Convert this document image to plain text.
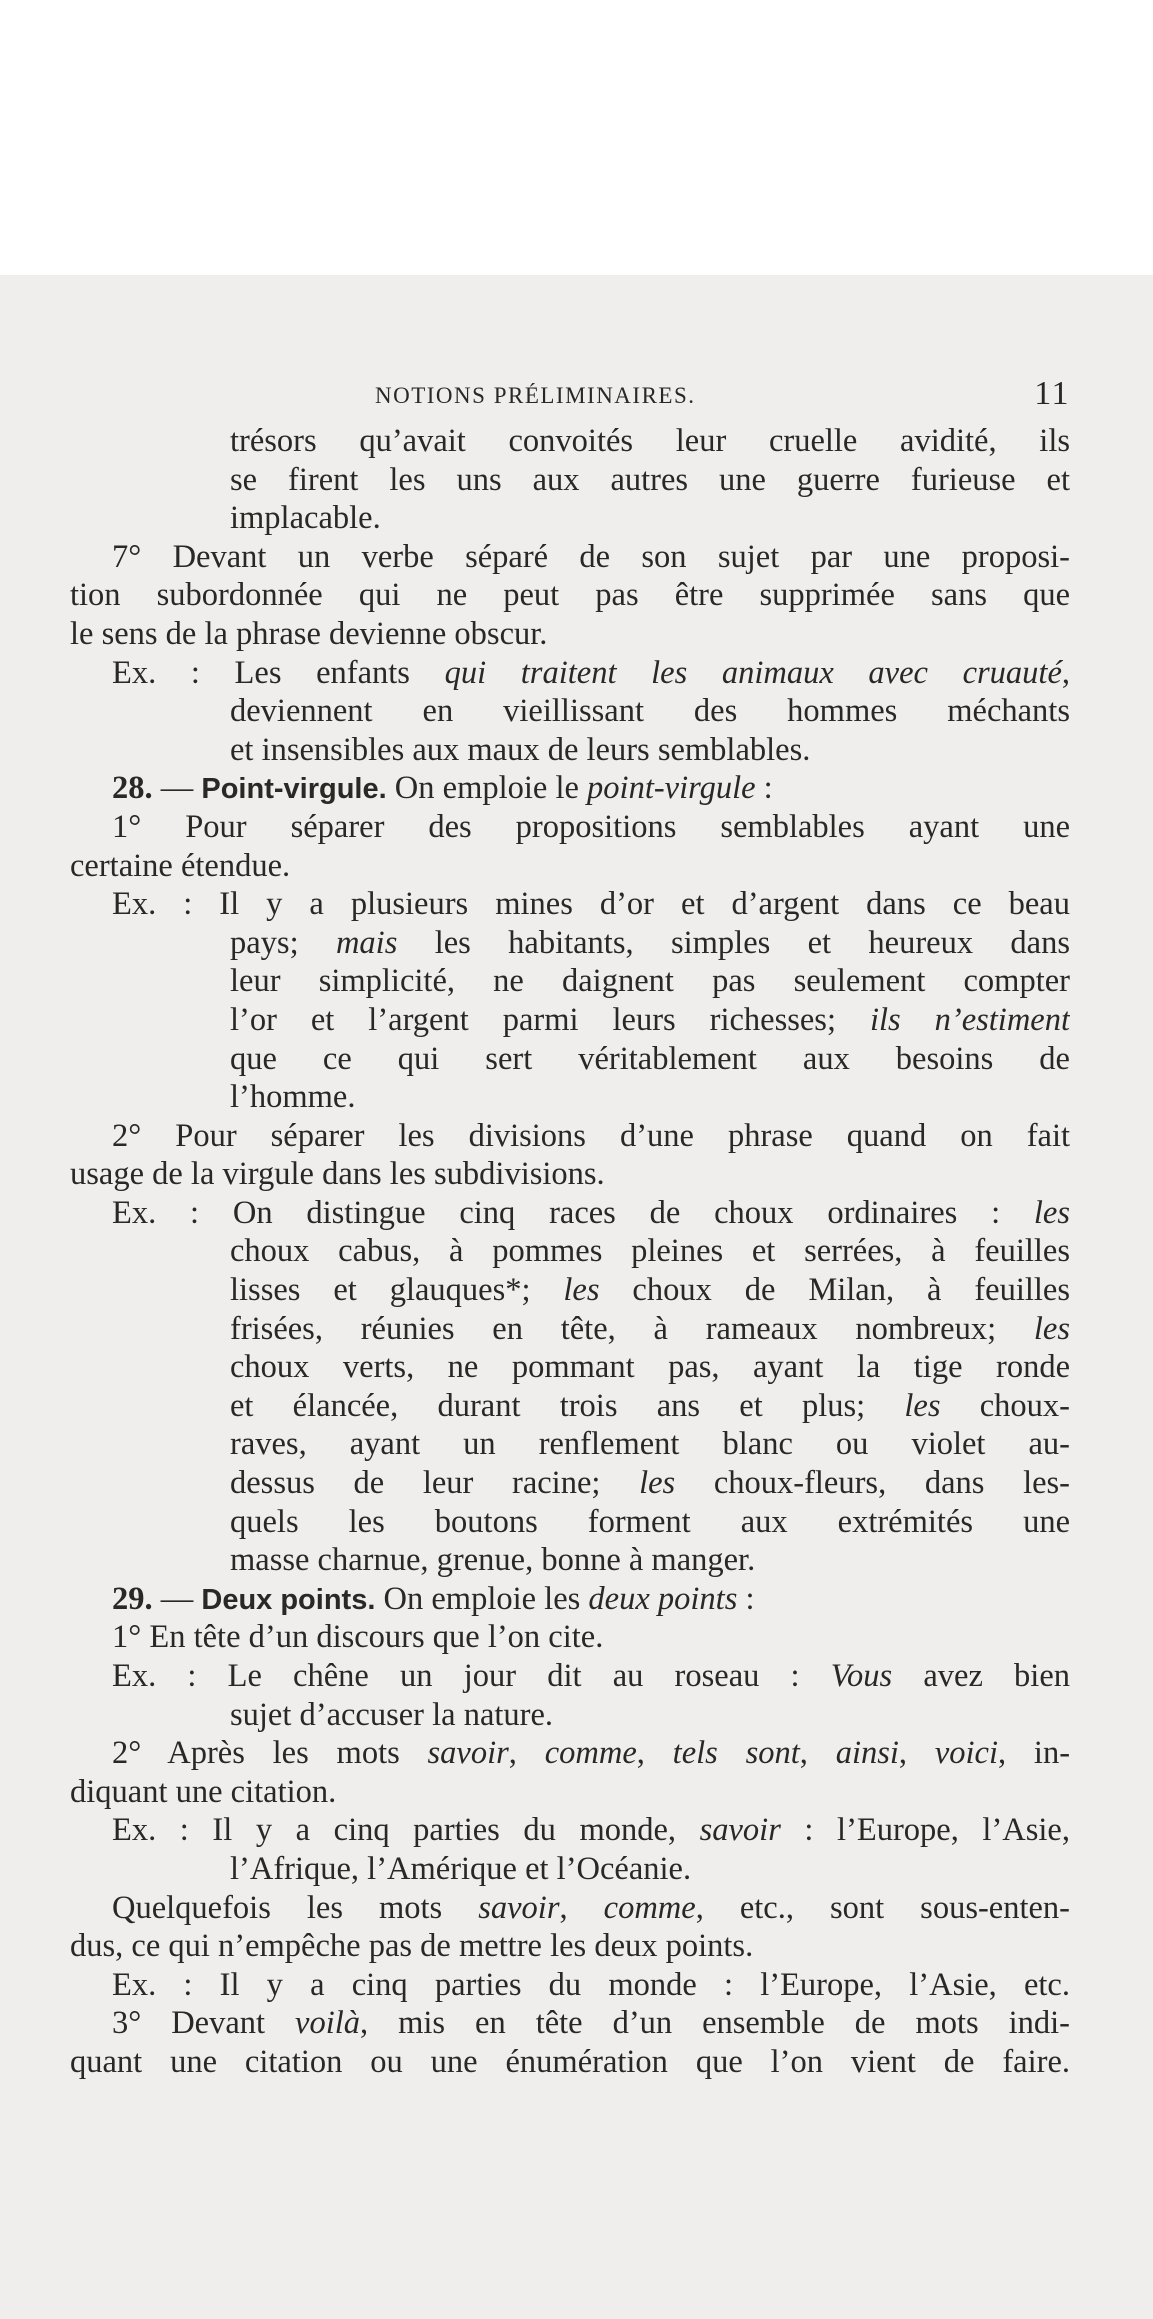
NOTIONS PRÉLIMINAIRES.	11
trésors qu’avait convoités leur cruelle avidité, ils
se firent les uns aux autres une guerre furieuse et
implacable.
7° Devant un verbe séparé de son sujet par une proposi-
tion subordonnée qui ne peut pas être supprimée sans que
le sens de la phrase devienne obscur.
Ex. : Les enfants qui traitent les animaux avec cruauté,
deviennent en vieillissant des hommes méchants
et insensibles aux maux de leurs semblables.
28. — Point-virgule. On emploie le point-virgule :
1° Pour séparer des propositions semblables ayant une
certaine étendue.
Ex. : Il y a plusieurs mines d’or et d’argent dans ce beau
pays; mais les habitants, simples et heureux dans
leur simplicité, ne daignent pas seulement compter
l’or et l’argent parmi leurs richesses; ils n’estiment
que ce qui sert véritablement aux besoins de
l’homme.
2° Pour séparer les divisions d’une phrase quand on fait
usage de la virgule dans les subdivisions.
Ex. : On distingue cinq races de choux ordinaires : les
choux cabus, à pommes pleines et serrées, à feuilles
lisses et glauques*; les choux de Milan, à feuilles
frisées, réunies en tête, à rameaux nombreux; les
choux verts, ne pommant pas, ayant la tige ronde
et élancée, durant trois ans et plus; les choux-
raves, ayant un renflement blanc ou violet au-
dessus de leur racine; les choux-fleurs, dans les-
quels les boutons forment aux extrémités une
masse charnue, grenue, bonne à manger.
29. — Deux points. On emploie les deux points :
1° En tête d’un discours que l’on cite.
Ex. : Le chêne un jour dit au roseau : Vous avez bien
sujet d’accuser la nature.
2° Après les mots savoir, comme, tels sont, ainsi, voici, in-
diquant une citation.
Ex. : Il y a cinq parties du monde, savoir : l’Europe, l’Asie,
l’Afrique, l’Amérique et l’Océanie.
Quelquefois les mots savoir, comme, etc., sont sous-enten-
dus, ce qui n’empêche pas de mettre les deux points.
Ex. : Il y a cinq parties du monde : l’Europe, l’Asie, etc.
3° Devant voilà, mis en tête d’un ensemble de mots indi-
quant une citation ou une énumération que l’on vient de faire.
